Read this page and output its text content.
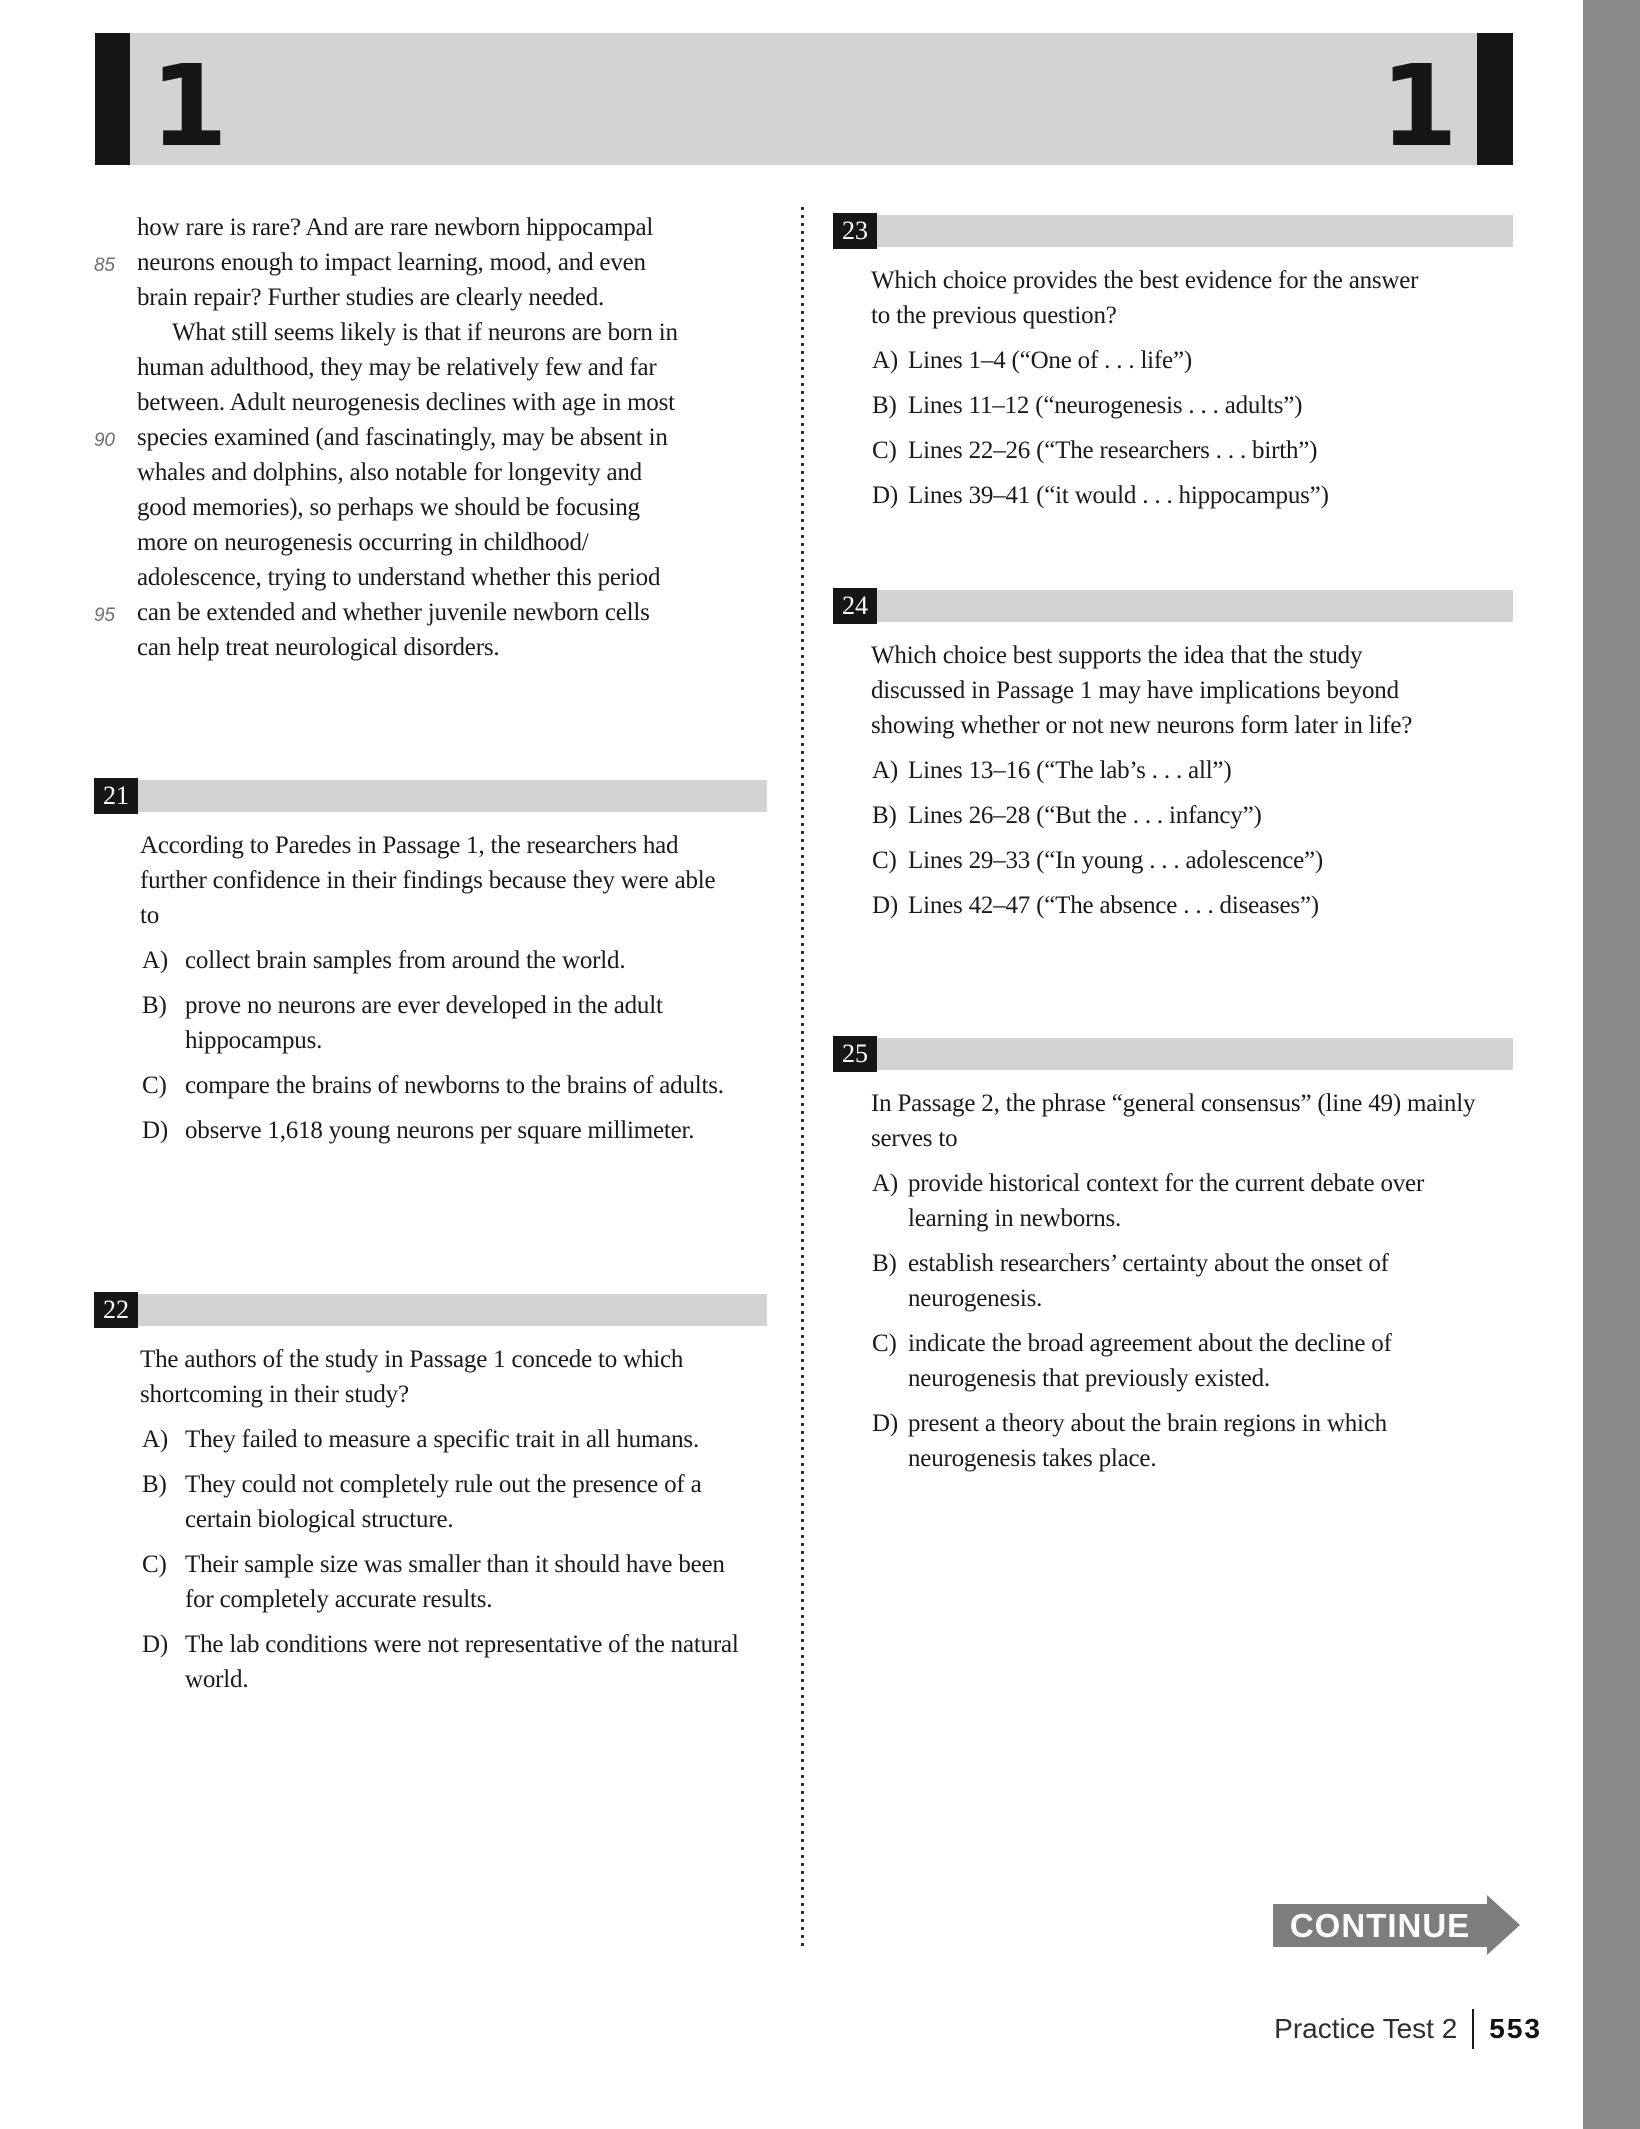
1	1
how rare is rare? And are rare newborn hippocampal
85 neurons enough to impact learning, mood, and even
brain repair? Further studies are clearly needed.
What still seems likely is that if neurons are born in
human adulthood, they may be relatively few and far
between. Adult neurogenesis declines with age in most
90 species examined (and fascinatingly, may be absent in
whales and dolphins, also notable for longevity and
good memories), so perhaps we should be focusing
more on neurogenesis occurring in childhood/
adolescence, trying to understand whether this period
95 can be extended and whether juvenile newborn cells
can help treat neurological disorders.
21

According to Paredes in Passage 1, the researchers had further confidence in their findings because they were able to

A) collect brain samples from around the world.
B) prove no neurons are ever developed in the adult hippocampus.
C) compare the brains of newborns to the brains of adults.
D) observe 1,618 young neurons per square millimeter.
22

The authors of the study in Passage 1 concede to which shortcoming in their study?

A) They failed to measure a specific trait in all humans.
B) They could not completely rule out the presence of a certain biological structure.
C) Their sample size was smaller than it should have been for completely accurate results.
D) The lab conditions were not representative of the natural world.
23

Which choice provides the best evidence for the answer to the previous question?

A) Lines 1–4 (“One of . . . life”)
B) Lines 11–12 (“neurogenesis . . . adults”)
C) Lines 22–26 (“The researchers . . . birth”)
D) Lines 39–41 (“it would . . . hippocampus”)
24

Which choice best supports the idea that the study discussed in Passage 1 may have implications beyond showing whether or not new neurons form later in life?

A) Lines 13–16 (“The lab’s . . . all”)
B) Lines 26–28 (“But the . . . infancy”)
C) Lines 29–33 (“In young . . . adolescence”)
D) Lines 42–47 (“The absence . . . diseases”)
25

In Passage 2, the phrase “general consensus” (line 49) mainly serves to

A) provide historical context for the current debate over learning in newborns.
B) establish researchers’ certainty about the onset of neurogenesis.
C) indicate the broad agreement about the decline of neurogenesis that previously existed.
D) present a theory about the brain regions in which neurogenesis takes place.
CONTINUE
Practice Test 2 553
